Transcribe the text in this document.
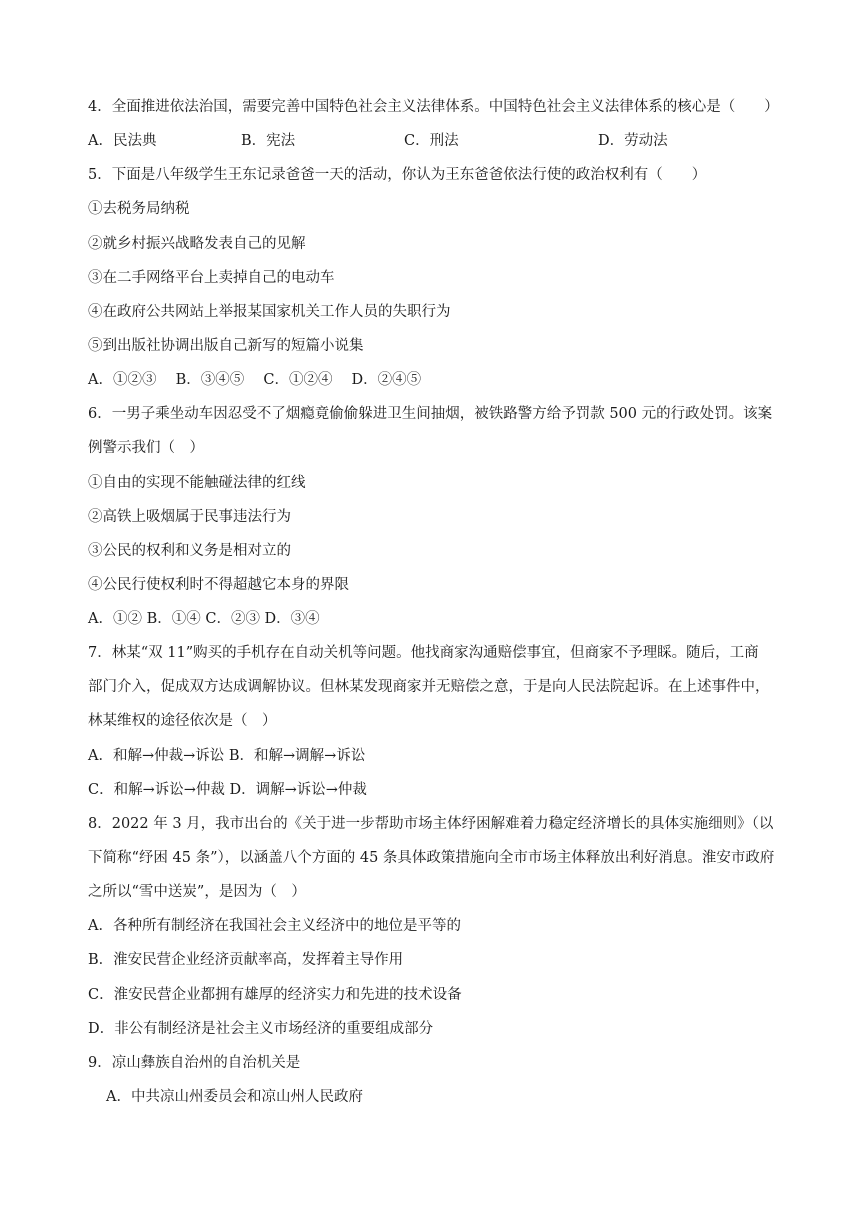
4．全面推进依法治国，需要完善中国特色社会主义法律体系。中国特色社会主义法律体系的核心是（　　）
A．民法典	B．宪法	C．刑法	D．劳动法
5．下面是八年级学生王东记录爸爸一天的活动，你认为王东爸爸依法行使的政治权利有（　　）
①去税务局纳税
②就乡村振兴战略发表自己的见解
③在二手网络平台上卖掉自己的电动车
④在政府公共网站上举报某国家机关工作人员的失职行为
⑤到出版社协调出版自己新写的短篇小说集
A．①②③　 B．③④⑤　 C．①②④　 D．②④⑤
6．一男子乘坐动车因忍受不了烟瘾竟偷偷躲进卫生间抽烟，被铁路警方给予罚款 500 元的行政处罚。该案
例警示我们（　）
①自由的实现不能触碰法律的红线
②高铁上吸烟属于民事违法行为
③公民的权利和义务是相对立的
④公民行使权利时不得超越它本身的界限
A．①② B．①④ C．②③ D．③④
7．林某“双 11”购买的手机存在自动关机等问题。他找商家沟通赔偿事宜，但商家不予理睬。随后，工商
部门介入，促成双方达成调解协议。但林某发现商家并无赔偿之意，于是向人民法院起诉。在上述事件中，
林某维权的途径依次是（　）
A．和解→仲裁→诉讼 B．和解→调解→诉讼
C．和解→诉讼→仲裁 D．调解→诉讼→仲裁
8．2022 年 3 月，我市出台的《关于进一步帮助市场主体纾困解难着力稳定经济增长的具体实施细则》（以
下简称“纾困 45 条”），以涵盖八个方面的 45 条具体政策措施向全市市场主体释放出利好消息。淮安市政府
之所以“雪中送炭”，是因为（　）
A．各种所有制经济在我国社会主义经济中的地位是平等的
B．淮安民营企业经济贡献率高，发挥着主导作用
C．淮安民营企业都拥有雄厚的经济实力和先进的技术设备
D．非公有制经济是社会主义市场经济的重要组成部分
9．凉山彝族自治州的自治机关是
A．中共凉山州委员会和凉山州人民政府
